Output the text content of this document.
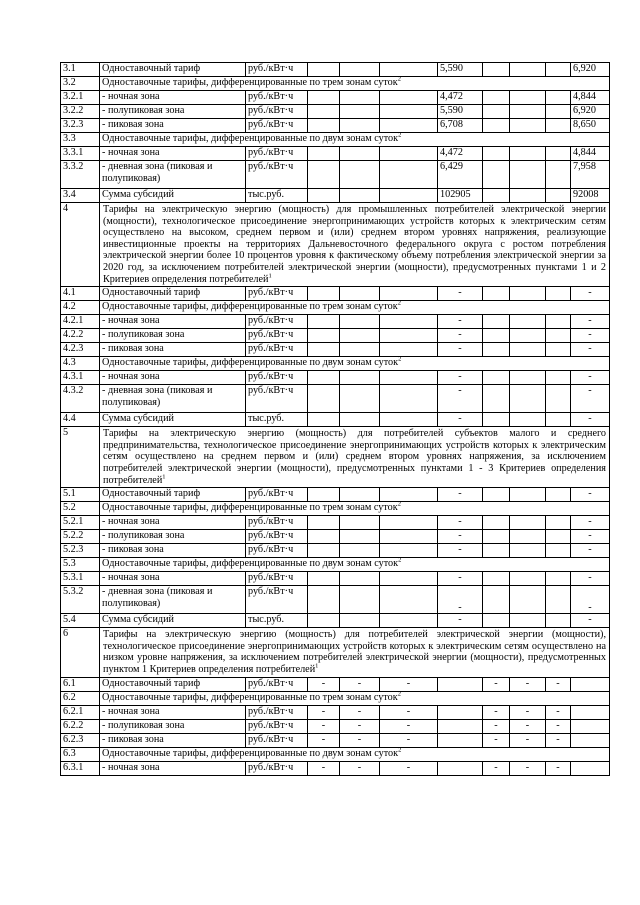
3.1	Одноставочный тариф	руб./кВт·ч				5,590				6,920	
3.2	Одноставочные тарифы, дифференцированные по трем зонам суток$^2$
3.2.1	- ночная зона	руб./кВт·ч				4,472				4,844	
3.2.2	- полупиковая зона	руб./кВт·ч				5,590				6,920	
3.2.3	- пиковая зона	руб./кВт·ч				6,708				8,650	
3.3	Одноставочные тарифы, дифференцированные по двум зонам суток$^2$
3.3.1	- ночная зона	руб./кВт·ч				4,472				4,844	
3.3.2	- дневная зона (пиковая и полупиковая)	руб./кВт·ч				6,429				7,958	
3.4	Сумма субсидий	тыс.руб.				102905				92008	
4	Тарифы на электрическую энергию (мощность) для промышленных потребителей электрической энергии (мощности), технологическое присоединение энергопринимающих устройств которых к электрическим сетям осуществлено на высоком, среднем первом и (или) среднем втором уровнях напряжения, реализующие инвестиционные проекты на территориях Дальневосточного федерального округа с ростом потребления электрической энергии более 10 процентов уровня к фактическому объему потребления электрической энергии за 2020 год, за исключением потребителей электрической энергии (мощности), предусмотренных пунктами 1 и 2 Критериев определения потребителей$^1$
4.1	Одноставочный тариф	руб./кВт·ч				-				-	
4.2	Одноставочные тарифы, дифференцированные по трем зонам суток$^2$
4.2.1	- ночная зона	руб./кВт·ч				-				-	
4.2.2	- полупиковая зона	руб./кВт·ч				-				-	
4.2.3	- пиковая зона	руб./кВт·ч				-				-	
4.3	Одноставочные тарифы, дифференцированные по двум зонам суток$^2$
4.3.1	- ночная зона	руб./кВт·ч				-				-	
4.3.2	- дневная зона (пиковая и полупиковая)	руб./кВт·ч				-				-	
4.4	Сумма субсидий	тыс.руб.				-				-	
5	Тарифы на электрическую энергию (мощность) для потребителей субъектов малого и среднего предпринимательства, технологическое присоединение энергопринимающих устройств которых к электрическим сетям осуществлено на среднем первом и (или) среднем втором уровнях напряжения, за исключением потребителей электрической энергии (мощности), предусмотренных пунктами 1 - 3 Критериев определения потребителей$^1$
5.1	Одноставочный тариф	руб./кВт·ч				-				-	
5.2	Одноставочные тарифы, дифференцированные по трем зонам суток$^2$
5.2.1	- ночная зона	руб./кВт·ч				-				-	
5.2.2	- полупиковая зона	руб./кВт·ч				-				-	
5.2.3	- пиковая зона	руб./кВт·ч				-				-	
5.3	Одноставочные тарифы, дифференцированные по двум зонам суток$^2$
5.3.1	- ночная зона	руб./кВт·ч				-				-	
5.3.2	- дневная зона (пиковая и полупиковая)	руб./кВт·ч				-				-	
5.4	Сумма субсидий	тыс.руб.				-				-	
6	Тарифы на электрическую энергию (мощность) для потребителей электрической энергии (мощности), технологическое присоединение энергопринимающих устройств которых к электрическим сетям осуществлено на низком уровне напряжения, за исключением потребителей электрической энергии (мощности), предусмотренных пунктом 1 Критериев определения потребителей$^1$
6.1	Одноставочный тариф	руб./кВт·ч	-	-	-		-	-	-		
6.2	Одноставочные тарифы, дифференцированные по трем зонам суток$^2$
6.2.1	- ночная зона	руб./кВт·ч	-	-	-		-	-	-		
6.2.2	- полупиковая зона	руб./кВт·ч	-	-	-		-	-	-		
6.2.3	- пиковая зона	руб./кВт·ч	-	-	-		-	-	-		
6.3	Одноставочные тарифы, дифференцированные по двум зонам суток$^2$
6.3.1	- ночная зона	руб./кВт·ч	-	-	-		-	-	-		
